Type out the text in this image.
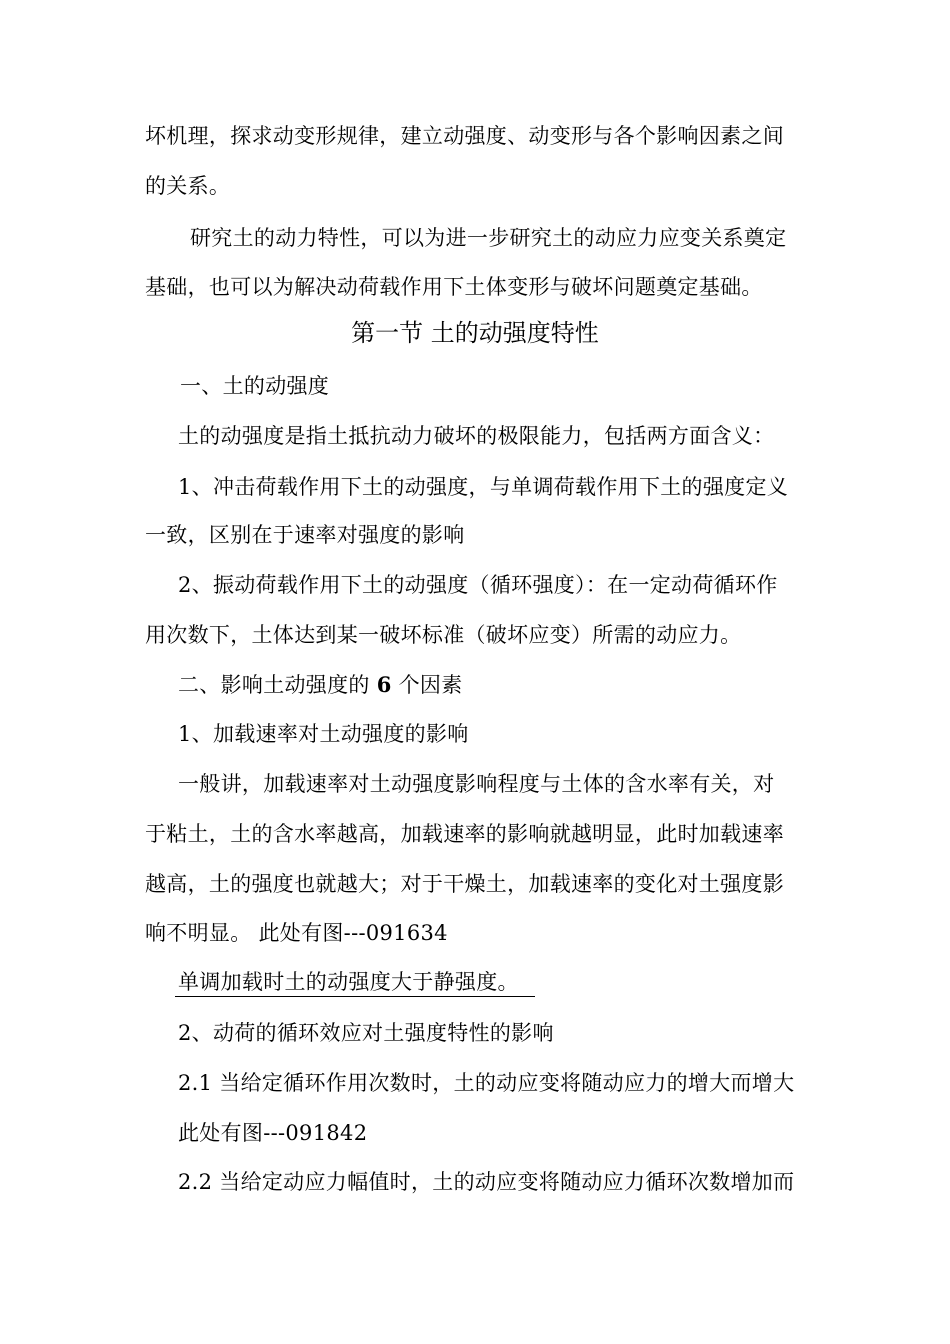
坏机理，探求动变形规律，建立动强度、动变形与各个影响因素之间
的关系。
研究土的动力特性，可以为进一步研究土的动应力应变关系奠定
基础，也可以为解决动荷载作用下土体变形与破坏问题奠定基础。
第一节 土的动强度特性
一、土的动强度
土的动强度是指土抵抗动力破坏的极限能力，包括两方面含义：
1、冲击荷载作用下土的动强度，与单调荷载作用下土的强度定义
一致，区别在于速率对强度的影响
2、振动荷载作用下土的动强度（循环强度）：在一定动荷循环作
用次数下，土体达到某一破坏标准（破坏应变）所需的动应力。
二、影响土动强度的 6 个因素
1、加载速率对土动强度的影响
一般讲，加载速率对土动强度影响程度与土体的含水率有关，对
于粘土，土的含水率越高，加载速率的影响就越明显，此时加载速率
越高，土的强度也就越大；对于干燥土，加载速率的变化对土强度影
响不明显。 此处有图---091634
单调加载时土的动强度大于静强度。
2、动荷的循环效应对土强度特性的影响
2.1 当给定循环作用次数时，土的动应变将随动应力的增大而增大
此处有图---091842
2.2 当给定动应力幅值时，土的动应变将随动应力循环次数增加而
